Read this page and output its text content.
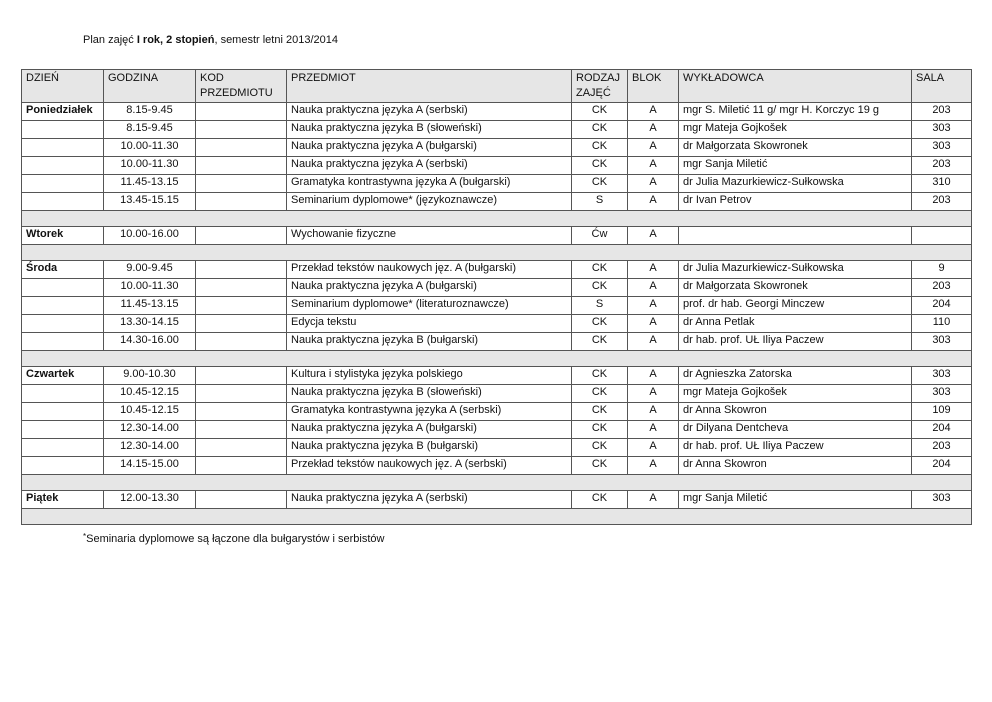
Plan zajęć I rok, 2 stopień, semestr letni 2013/2014
DZIEŃ	GODZINA	KOD PRZEDMIOTU	PRZEDMIOT	RODZAJ ZAJĘĆ	BLOK	WYKŁADOWCA	SALA
Poniedziałek	8.15-9.45		Nauka praktyczna języka A (serbski)	CK	A	mgr S. Miletić 11 g/ mgr H. Korczyc 19 g	203
	8.15-9.45		Nauka praktyczna języka B (słoweński)	CK	A	mgr Mateja Gojkošek	303
	10.00-11.30		Nauka praktyczna języka A (bułgarski)	CK	A	dr Małgorzata Skowronek	303
	10.00-11.30		Nauka praktyczna języka A (serbski)	CK	A	mgr Sanja Miletić	203
	11.45-13.15		Gramatyka kontrastywna języka A (bułgarski)	CK	A	dr Julia Mazurkiewicz-Sułkowska	310
	13.45-15.15		Seminarium dyplomowe* (językoznawcze)	S	A	dr Ivan Petrov	203

Wtorek	10.00-16.00		Wychowanie fizyczne	Ćw	A		

Środa	9.00-9.45		Przekład tekstów naukowych jęz. A (bułgarski)	CK	A	dr Julia Mazurkiewicz-Sułkowska	9
	10.00-11.30		Nauka praktyczna języka A (bułgarski)	CK	A	dr Małgorzata Skowronek	203
	11.45-13.15		Seminarium dyplomowe* (literaturoznawcze)	S	A	prof. dr hab. Georgi Minczew	204
	13.30-14.15		Edycja tekstu	CK	A	dr Anna Petlak	110
	14.30-16.00		Nauka praktyczna języka B (bułgarski)	CK	A	dr hab. prof. UŁ Iliya Paczew	303

Czwartek	9.00-10.30		Kultura i stylistyka języka polskiego	CK	A	dr Agnieszka Zatorska	303
	10.45-12.15		Nauka praktyczna języka B (słoweński)	CK	A	mgr Mateja Gojkošek	303
	10.45-12.15		Gramatyka kontrastywna języka A (serbski)	CK	A	dr Anna Skowron	109
	12.30-14.00		Nauka praktyczna języka A (bułgarski)	CK	A	dr Dilyana Dentcheva	204
	12.30-14.00		Nauka praktyczna języka B (bułgarski)	CK	A	dr hab. prof. UŁ Iliya Paczew	203
	14.15-15.00		Przekład tekstów naukowych jęz. A (serbski)	CK	A	dr Anna Skowron	204

Piątek	12.00-13.30		Nauka praktyczna języka A (serbski)	CK	A	mgr Sanja Miletić	303

*Seminaria dyplomowe są łączone dla bułgarystów i serbistów
